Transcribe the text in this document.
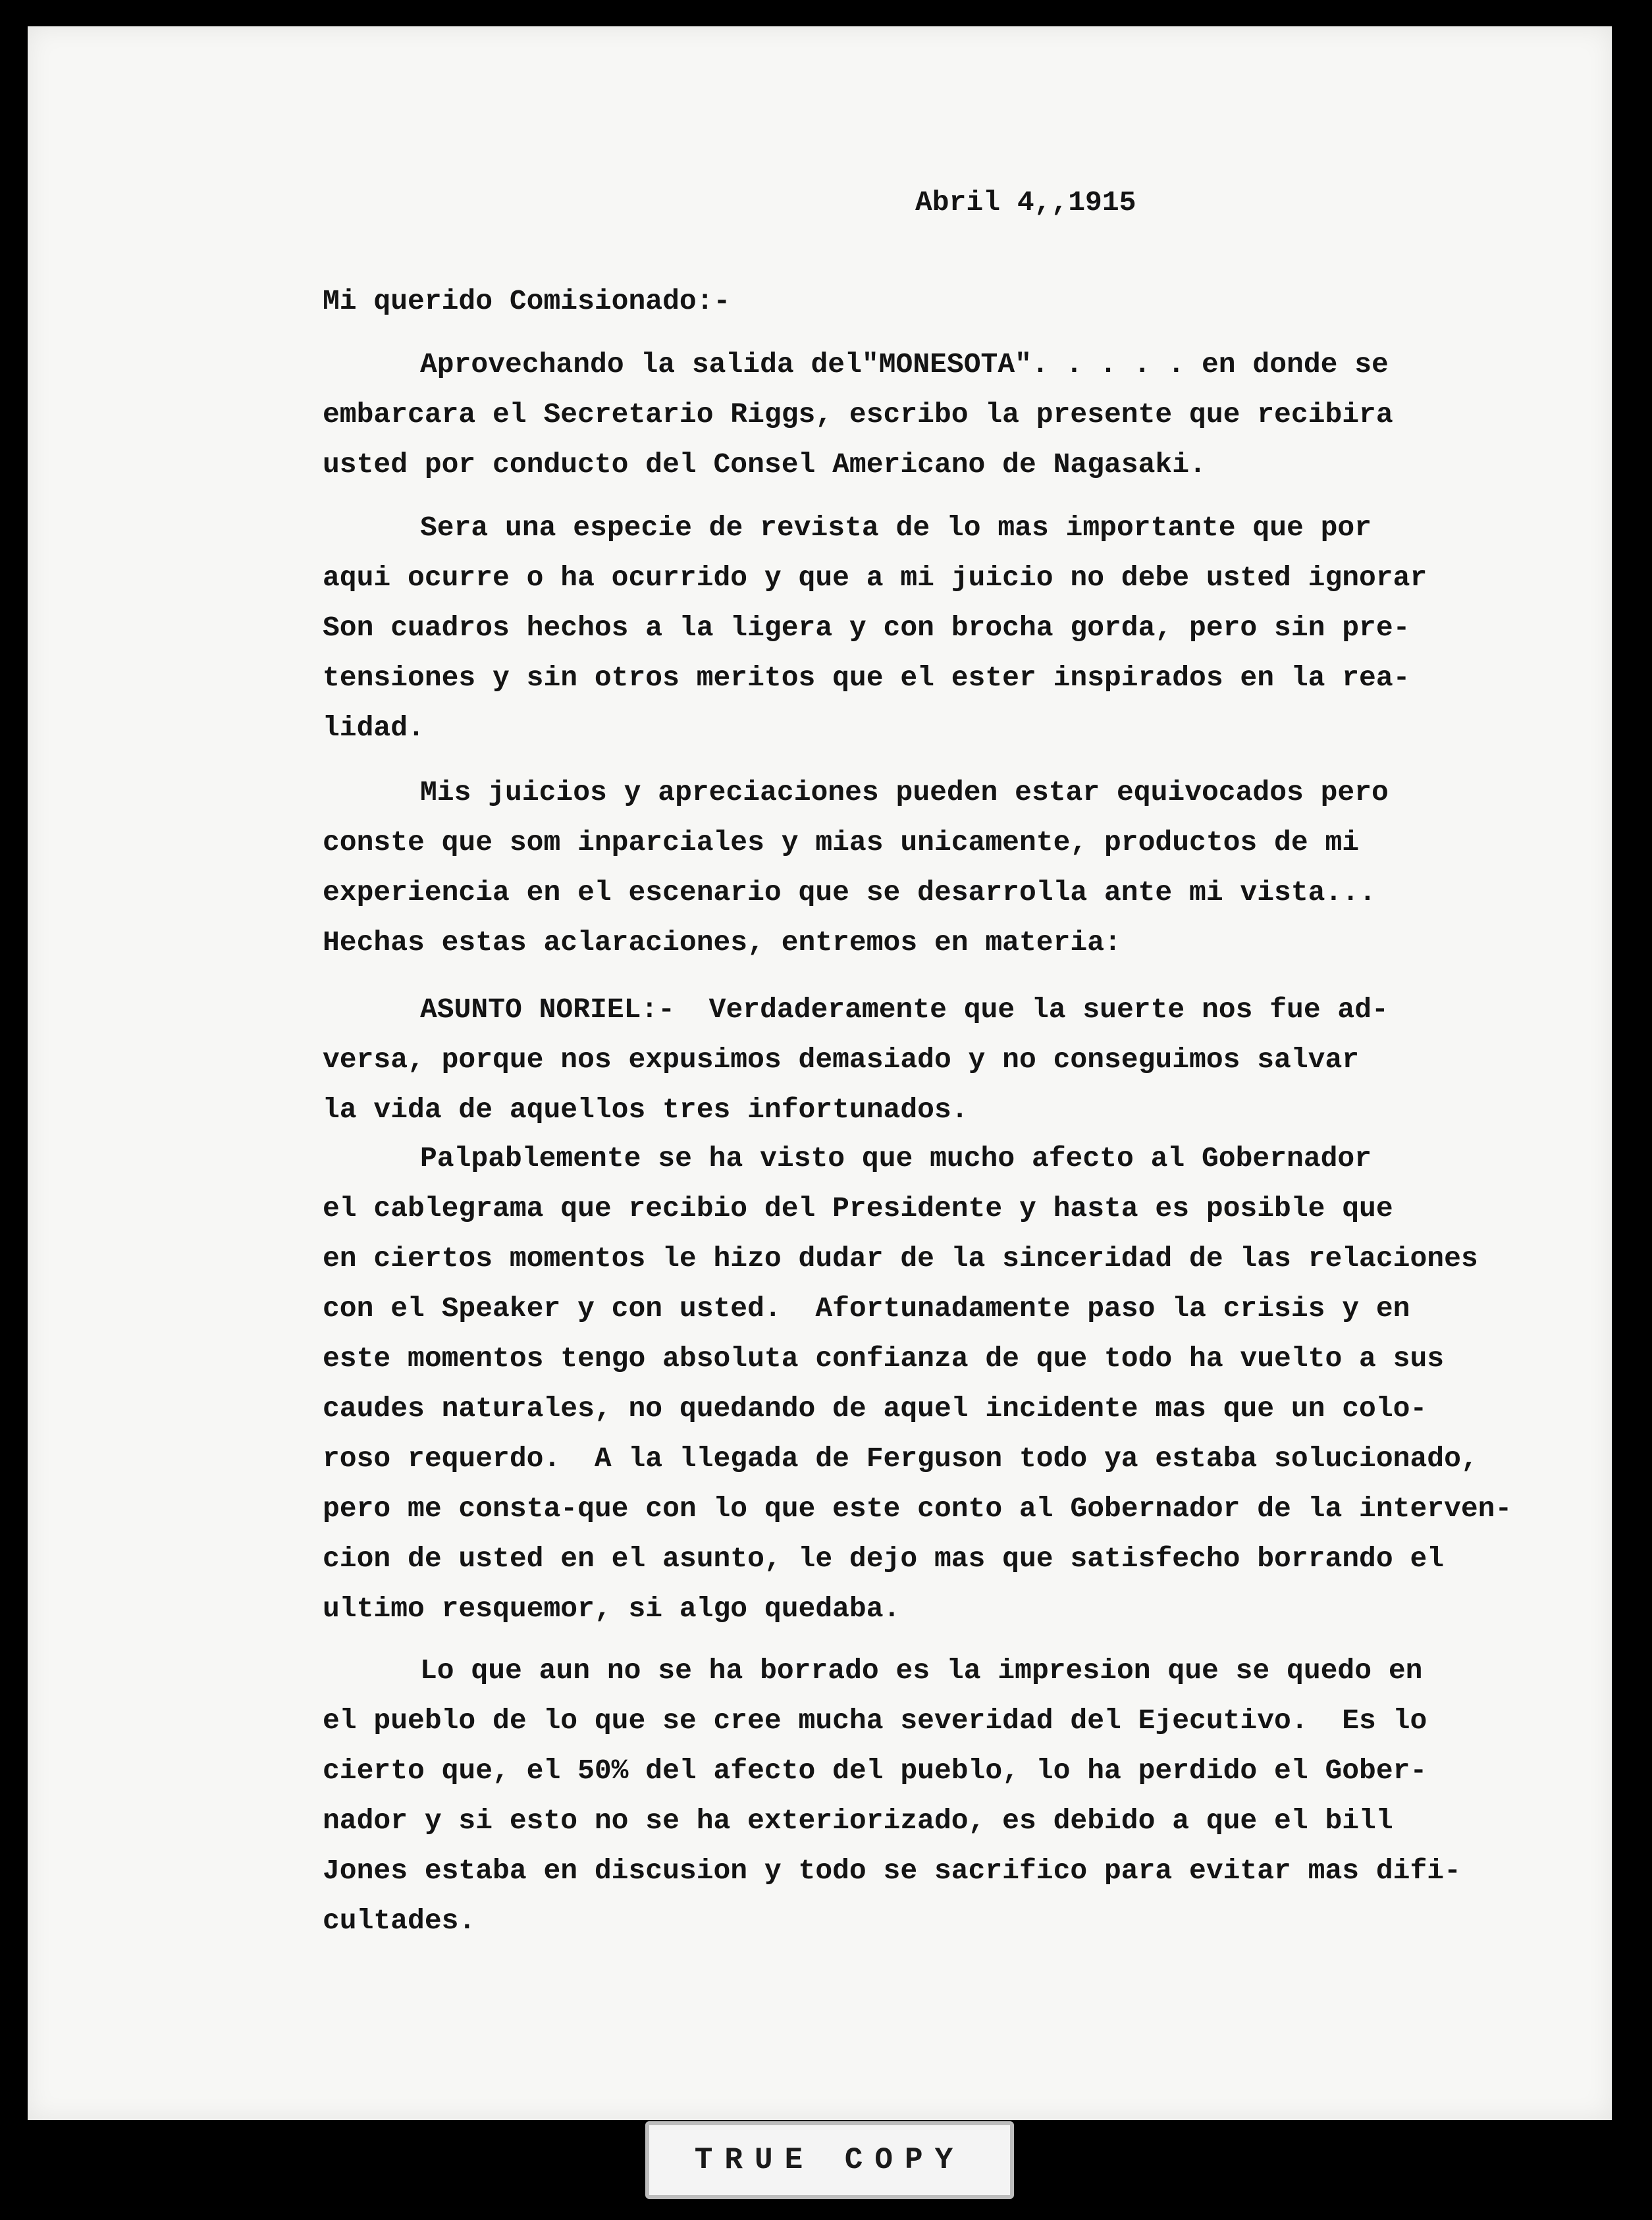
Abril 4,,1915
Mi querido Comisionado:-
Aprovechando la salida del"MONESOTA". . . . . en donde se
embarcara el Secretario Riggs, escribo la presente que recibira
usted por conducto del Consel Americano de Nagasaki.
Sera una especie de revista de lo mas importante que por
aqui ocurre o ha ocurrido y que a mi juicio no debe usted ignorar
Son cuadros hechos a la ligera y con brocha gorda, pero sin pre-
tensiones y sin otros meritos que el ester inspirados en la rea-
lidad.
Mis juicios y apreciaciones pueden estar equivocados pero
conste que som inparciales y mias unicamente, productos de mi
experiencia en el escenario que se desarrolla ante mi vista...
Hechas estas aclaraciones, entremos en materia:
ASUNTO NORIEL:-  Verdaderamente que la suerte nos fue ad-
versa, porque nos expusimos demasiado y no conseguimos salvar
la vida de aquellos tres infortunados.
Palpablemente se ha visto que mucho afecto al Gobernador
el cablegrama que recibio del Presidente y hasta es posible que
en ciertos momentos le hizo dudar de la sinceridad de las relaciones
con el Speaker y con usted.  Afortunadamente paso la crisis y en
este momentos tengo absoluta confianza de que todo ha vuelto a sus
caudes naturales, no quedando de aquel incidente mas que un colo-
roso requerdo.  A la llegada de Ferguson todo ya estaba solucionado,
pero me consta-que con lo que este conto al Gobernador de la interven-
cion de usted en el asunto, le dejo mas que satisfecho borrando el
ultimo resquemor, si algo quedaba.
Lo que aun no se ha borrado es la impresion que se quedo en
el pueblo de lo que se cree mucha severidad del Ejecutivo.  Es lo
cierto que, el 50% del afecto del pueblo, lo ha perdido el Gober-
nador y si esto no se ha exteriorizado, es debido a que el bill
Jones estaba en discusion y todo se sacrifico para evitar mas difi-
cultades.
TRUE COPY
